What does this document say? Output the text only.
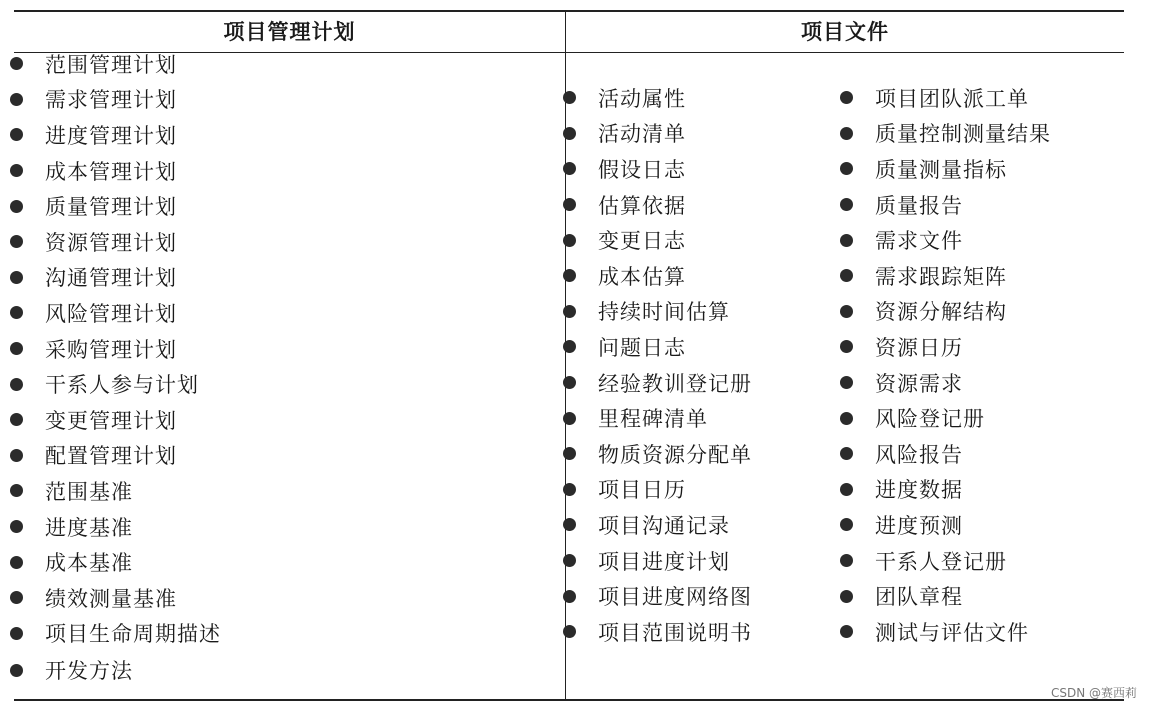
项目管理计划	项目文件
范围管理计划
需求管理计划
进度管理计划
成本管理计划
质量管理计划
资源管理计划
沟通管理计划
风险管理计划
采购管理计划
干系人参与计划
变更管理计划
配置管理计划
范围基准
进度基准
成本基准
绩效测量基准
项目生命周期描述
开发方法
活动属性
活动清单
假设日志
估算依据
变更日志
成本估算
持续时间估算
问题日志
经验教训登记册
里程碑清单
物质资源分配单
项目日历
项目沟通记录
项目进度计划
项目进度网络图
项目范围说明书
项目团队派工单
质量控制测量结果
质量测量指标
质量报告
需求文件
需求跟踪矩阵
资源分解结构
资源日历
资源需求
风险登记册
风险报告
进度数据
进度预测
干系人登记册
团队章程
测试与评估文件
CSDN @赛西莉
